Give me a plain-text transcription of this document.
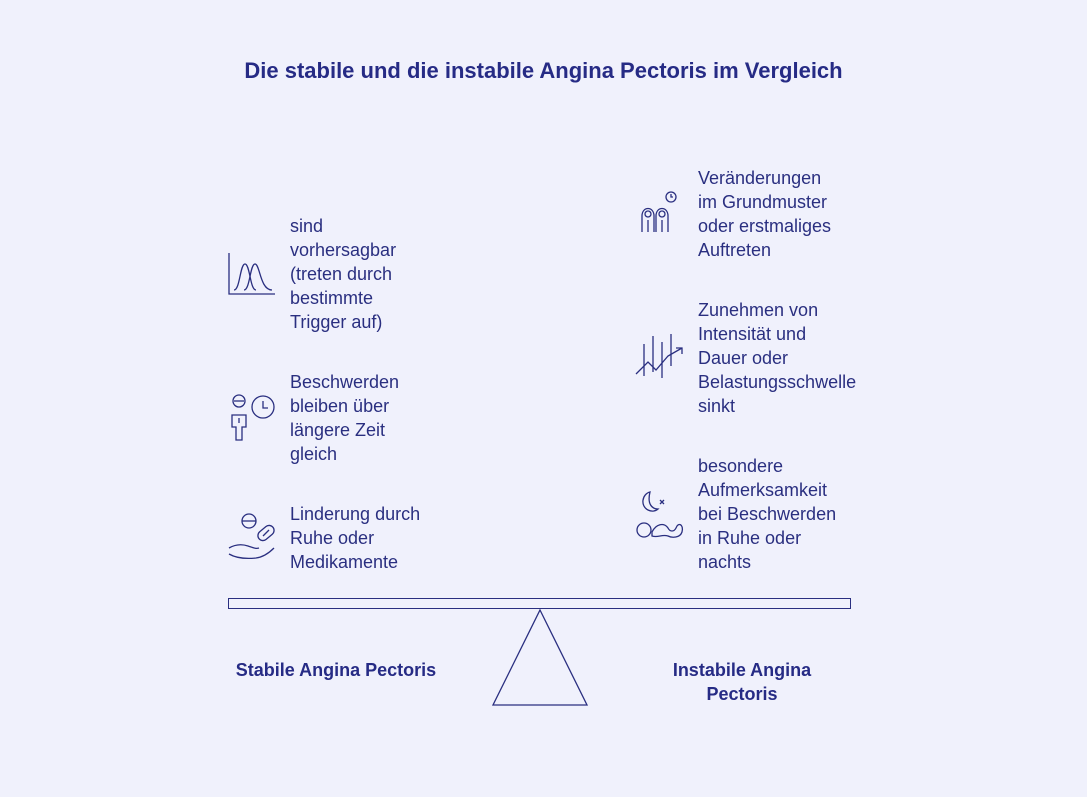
Die stabile und die instabile Angina Pectoris im Vergleich
sind
vorhersagbar
(treten durch
bestimmte
Trigger auf)
Beschwerden
bleiben über
längere Zeit
gleich
Linderung durch
Ruhe oder
Medikamente
Veränderungen
im Grundmuster
oder erstmaliges
Auftreten
Zunehmen von
Intensität und
Dauer oder
Belastungsschwelle
sinkt
besondere
Aufmerksamkeit
bei Beschwerden
in Ruhe oder
nachts
Stabile Angina Pectoris	Instabile Angina
Pectoris
